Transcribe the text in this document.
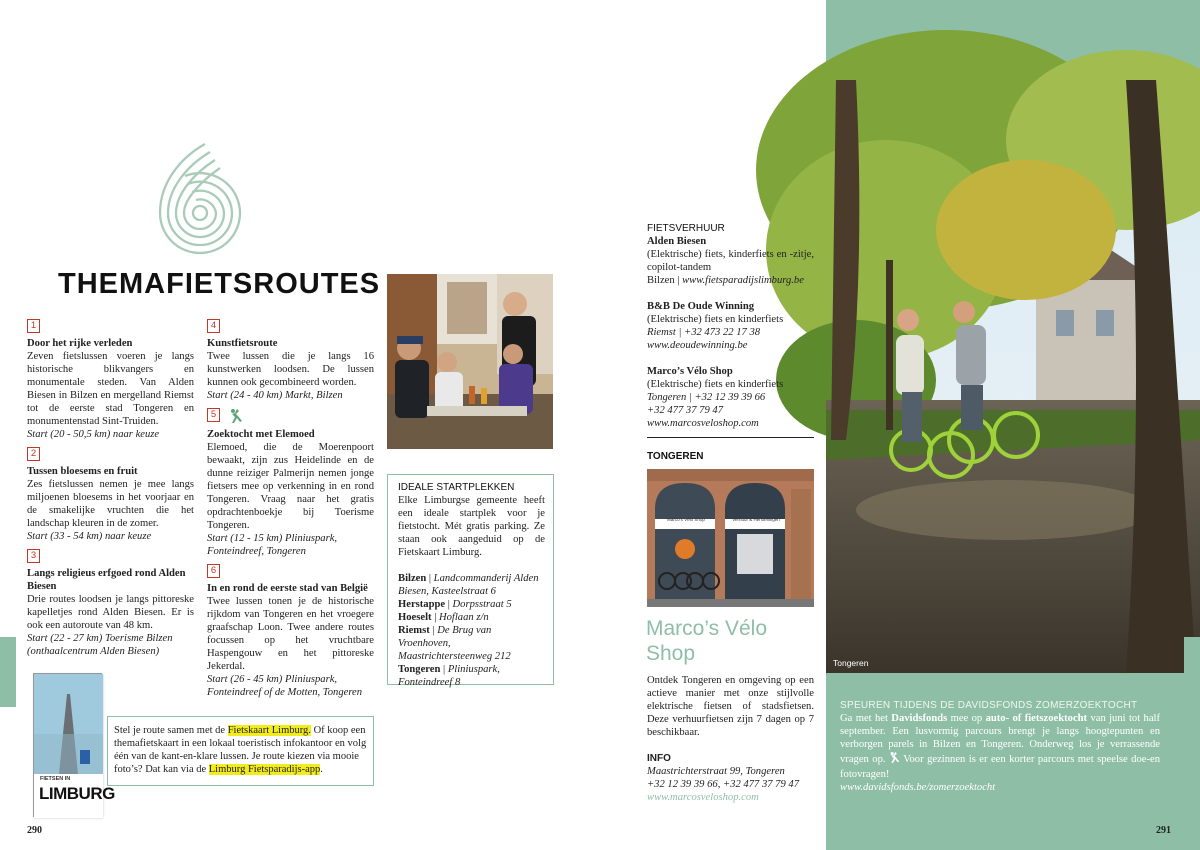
Tongeren
THEMAFIETSROUTES
1
Door het rijke verleden

Zeven fietslussen voeren je langs historische blikvangers en monumentale steden. Van Alden Biesen in Bilzen en mergelland Riemst tot de eerste stad Tongeren en monumentenstad Sint-Truiden.

Start (20 - 50,5 km) naar keuze
2
Tussen bloesems en fruit

Zes fietslussen nemen je mee langs miljoenen bloesems in het voorjaar en de smakelijke vruchten die het landschap kleuren in de zomer.

Start (33 - 54 km) naar keuze
3
Langs religieus erfgoed rond Alden Biesen

Drie routes loodsen je langs pittoreske kapelletjes rond Alden Biesen. Er is ook een autoroute van 48 km.

Start (22 - 27 km) Toerisme Bilzen (onthaalcentrum Alden Biesen)
4
Kunstfietsroute

Twee lussen die je langs 16 kunstwerken loodsen. De lussen kunnen ook gecombineerd worden.

Start (24 - 40 km) Markt, Bilzen
5
Zoektocht met Elemoed

Elemoed, die de Moerenpoort bewaakt, zijn zus Heidelinde en de dunne reiziger Palmerijn nemen jonge fietsers mee op verkenning in en rond Tongeren. Vraag naar het gratis opdrachtenboekje bij Toerisme Tongeren.

Start (12 - 15 km) Pliniuspark, Fonteindreef, Tongeren
6
In en rond de eerste stad van België

Twee lussen tonen je de historische rijkdom van Tongeren en het vroegere graafschap Loon. Twee andere routes focussen op het vruchtbare Haspengouw en het pittoreske Jekerdal.

Start (26 - 45 km) Pliniuspark, Fonteindreef of de Motten, Tongeren
IDEALE STARTPLEKKEN

Elke Limburgse gemeente heeft een ideale startplek voor je fietstocht. Mét gratis parking. Ze staan ook aangeduid op de Fietskaart Limburg.

Bilzen | Landcommanderij Alden Biesen, Kasteelstraat 6
Herstappe | Dorpsstraat 5
Hoeselt | Hoflaan z/n
Riemst | De Brug van Vroenhoven, Maastrichtersteenweg 212
Tongeren | Pliniuspark, Fonteindreef 8
FIETSEN IN
LIMBURG
Stel je route samen met de Fietskaart Limburg. Of koop een themafietskaart in een lokaal toeristisch infokantoor en volg één van de kant-en-klare lussen. Je route kiezen via mooie foto’s? Dat kan via de Limburg Fietsparadijs-app.
290
FIETSVERHUUR
Alden Biesen

(Elektrische) fiets, kinderfiets en -zitje, copilot-tandem

Bilzen | www.fietsparadijslimburg.be
B&B De Oude Winning

(Elektrische) fiets en kinderfiets

Riemst | +32 473 22 17 38
www.deoudewinning.be
Marco’s Vélo Shop

(Elektrische) fiets en kinderfiets

Tongeren | +32 12 39 39 66
+32 477 37 79 47
www.marcosveloshop.com
TONGEREN
Marco’s Vélo Shop	Verhuur & Herstellingen
Marco’s Vélo
Shop

Ontdek Tongeren en omgeving op een actieve manier met onze stijlvolle elektrische fietsen of stadsfietsen. Deze verhuurfietsen zijn 7 dagen op 7 beschikbaar.

INFO
Maastrichterstraat 99, Tongeren
+32 12 39 39 66, +32 477 37 79 47
www.marcosveloshop.com
SPEUREN TIJDENS DE DAVIDSFONDS ZOMERZOEKTOCHT

Ga met het Davidsfonds mee op auto- of fietszoektocht van juni tot half september. Een lusvormig parcours brengt je langs hoogtepunten en verborgen parels in Bilzen en Tongeren. Onderweg los je verrassende vragen op.  Voor gezinnen is er een korter parcours met speelse doe-en fotovragen!

www.davidsfonds.be/zomerzoektocht
291
